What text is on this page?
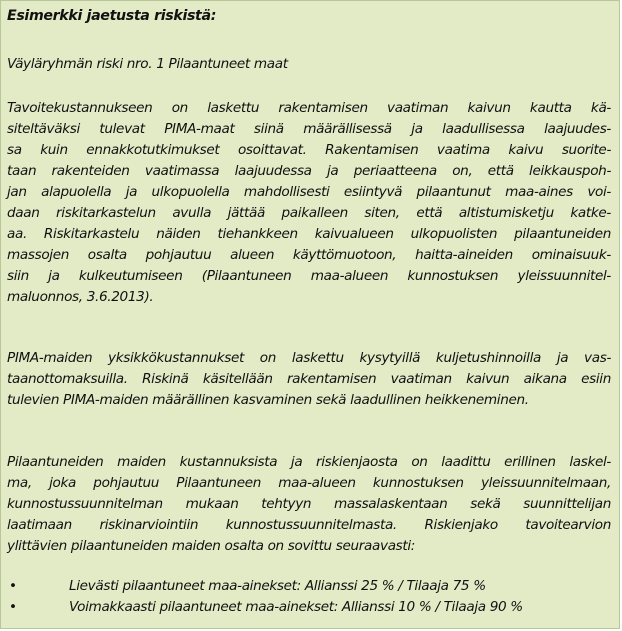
Esimerkki jaetusta riskistä:

Väyläryhmän riski nro. 1 Pilaantuneet maat

Tavoitekustannukseen on laskettu rakentamisen vaatiman kaivun kautta kä-
siteltäväksi tulevat PIMA-maat siinä määrällisessä ja laadullisessa laajuudes-
sa kuin ennakkotutkimukset osoittavat. Rakentamisen vaatima kaivu suorite-
taan rakenteiden vaatimassa laajuudessa ja periaatteena on, että leikkauspoh-
jan alapuolella ja ulkopuolella mahdollisesti esiintyvä pilaantunut maa-aines voi-
daan riskitarkastelun avulla jättää paikalleen siten, että altistumisketju katke-
aa. Riskitarkastelu näiden tiehankkeen kaivualueen ulkopuolisten pilaantuneiden
massojen osalta pohjautuu alueen käyttömuotoon, haitta-aineiden ominaisuuk-
siin ja kulkeutumiseen (Pilaantuneen maa-alueen kunnostuksen yleissuunnitel-
maluonnos, 3.6.2013).
PIMA-maiden yksikkökustannukset on laskettu kysytyillä kuljetushinnoilla ja vas-
taanottomaksuilla. Riskinä käsitellään rakentamisen vaatiman kaivun aikana esiin
tulevien PIMA-maiden määrällinen kasvaminen sekä laadullinen heikkeneminen.
Pilaantuneiden maiden kustannuksista ja riskienjaosta on laadittu erillinen laskel-
ma, joka pohjautuu Pilaantuneen maa-alueen kunnostuksen yleissuunnitelmaan,
kunnostussuunnitelman mukaan tehtyyn massalaskentaan sekä suunnittelijan
laatimaan riskinarviointiin kunnostussuunnitelmasta. Riskienjako tavoitearvion
ylittävien pilaantuneiden maiden osalta on sovittu seuraavasti:
•	Lievästi pilaantuneet maa-ainekset: Allianssi 25 % / Tilaaja 75 %
•	Voimakkaasti pilaantuneet maa-ainekset: Allianssi 10 % / Tilaaja 90 %
